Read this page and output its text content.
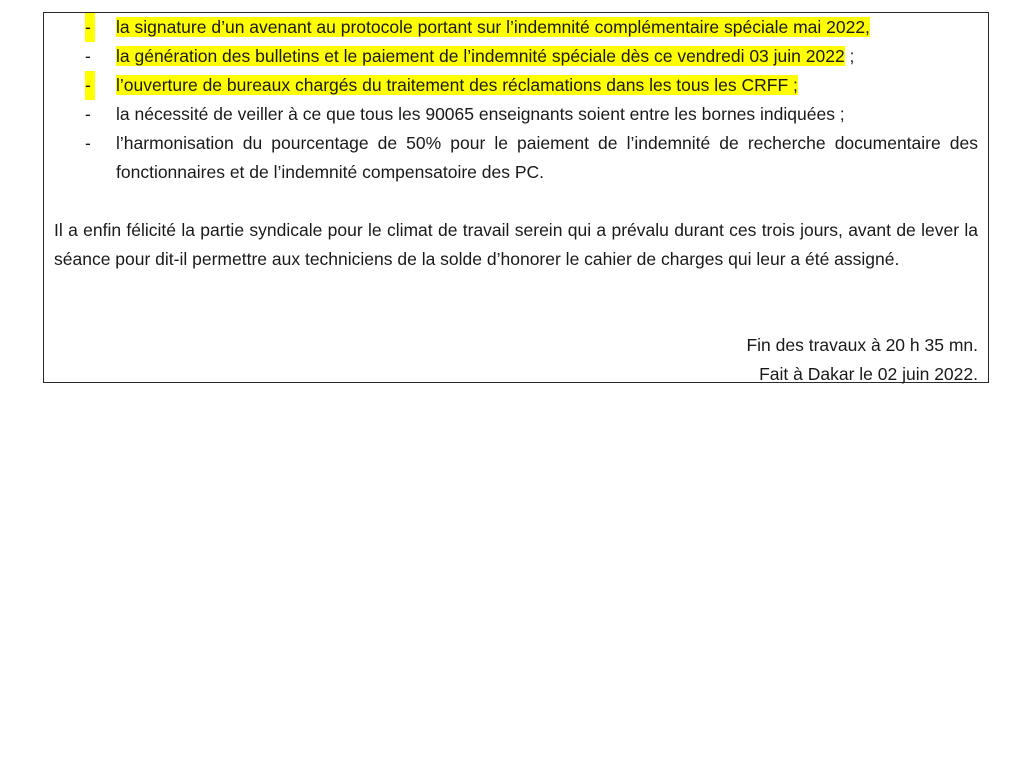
- la signature d’un avenant au protocole portant sur l’indemnité complémentaire spéciale mai 2022,
-	la génération des bulletins et le paiement de l’indemnité spéciale dès ce vendredi 03 juin 2022 ;
- l’ouverture de bureaux chargés du traitement des réclamations dans les tous les CRFF ;
-	la nécessité de veiller à ce que tous les 90065 enseignants soient entre les bornes indiquées ;
-	l’harmonisation du pourcentage de 50% pour le paiement de l’indemnité de recherche documentaire des fonctionnaires et de l’indemnité compensatoire des PC.
Il a enfin félicité la partie syndicale pour le climat de travail serein qui a prévalu durant ces trois jours, avant de lever la séance pour dit-il permettre aux techniciens de la solde d’honorer le cahier de charges qui leur a été assigné.
Fin des travaux à 20 h 35 mn.
Fait à Dakar le 02 juin 2022.
